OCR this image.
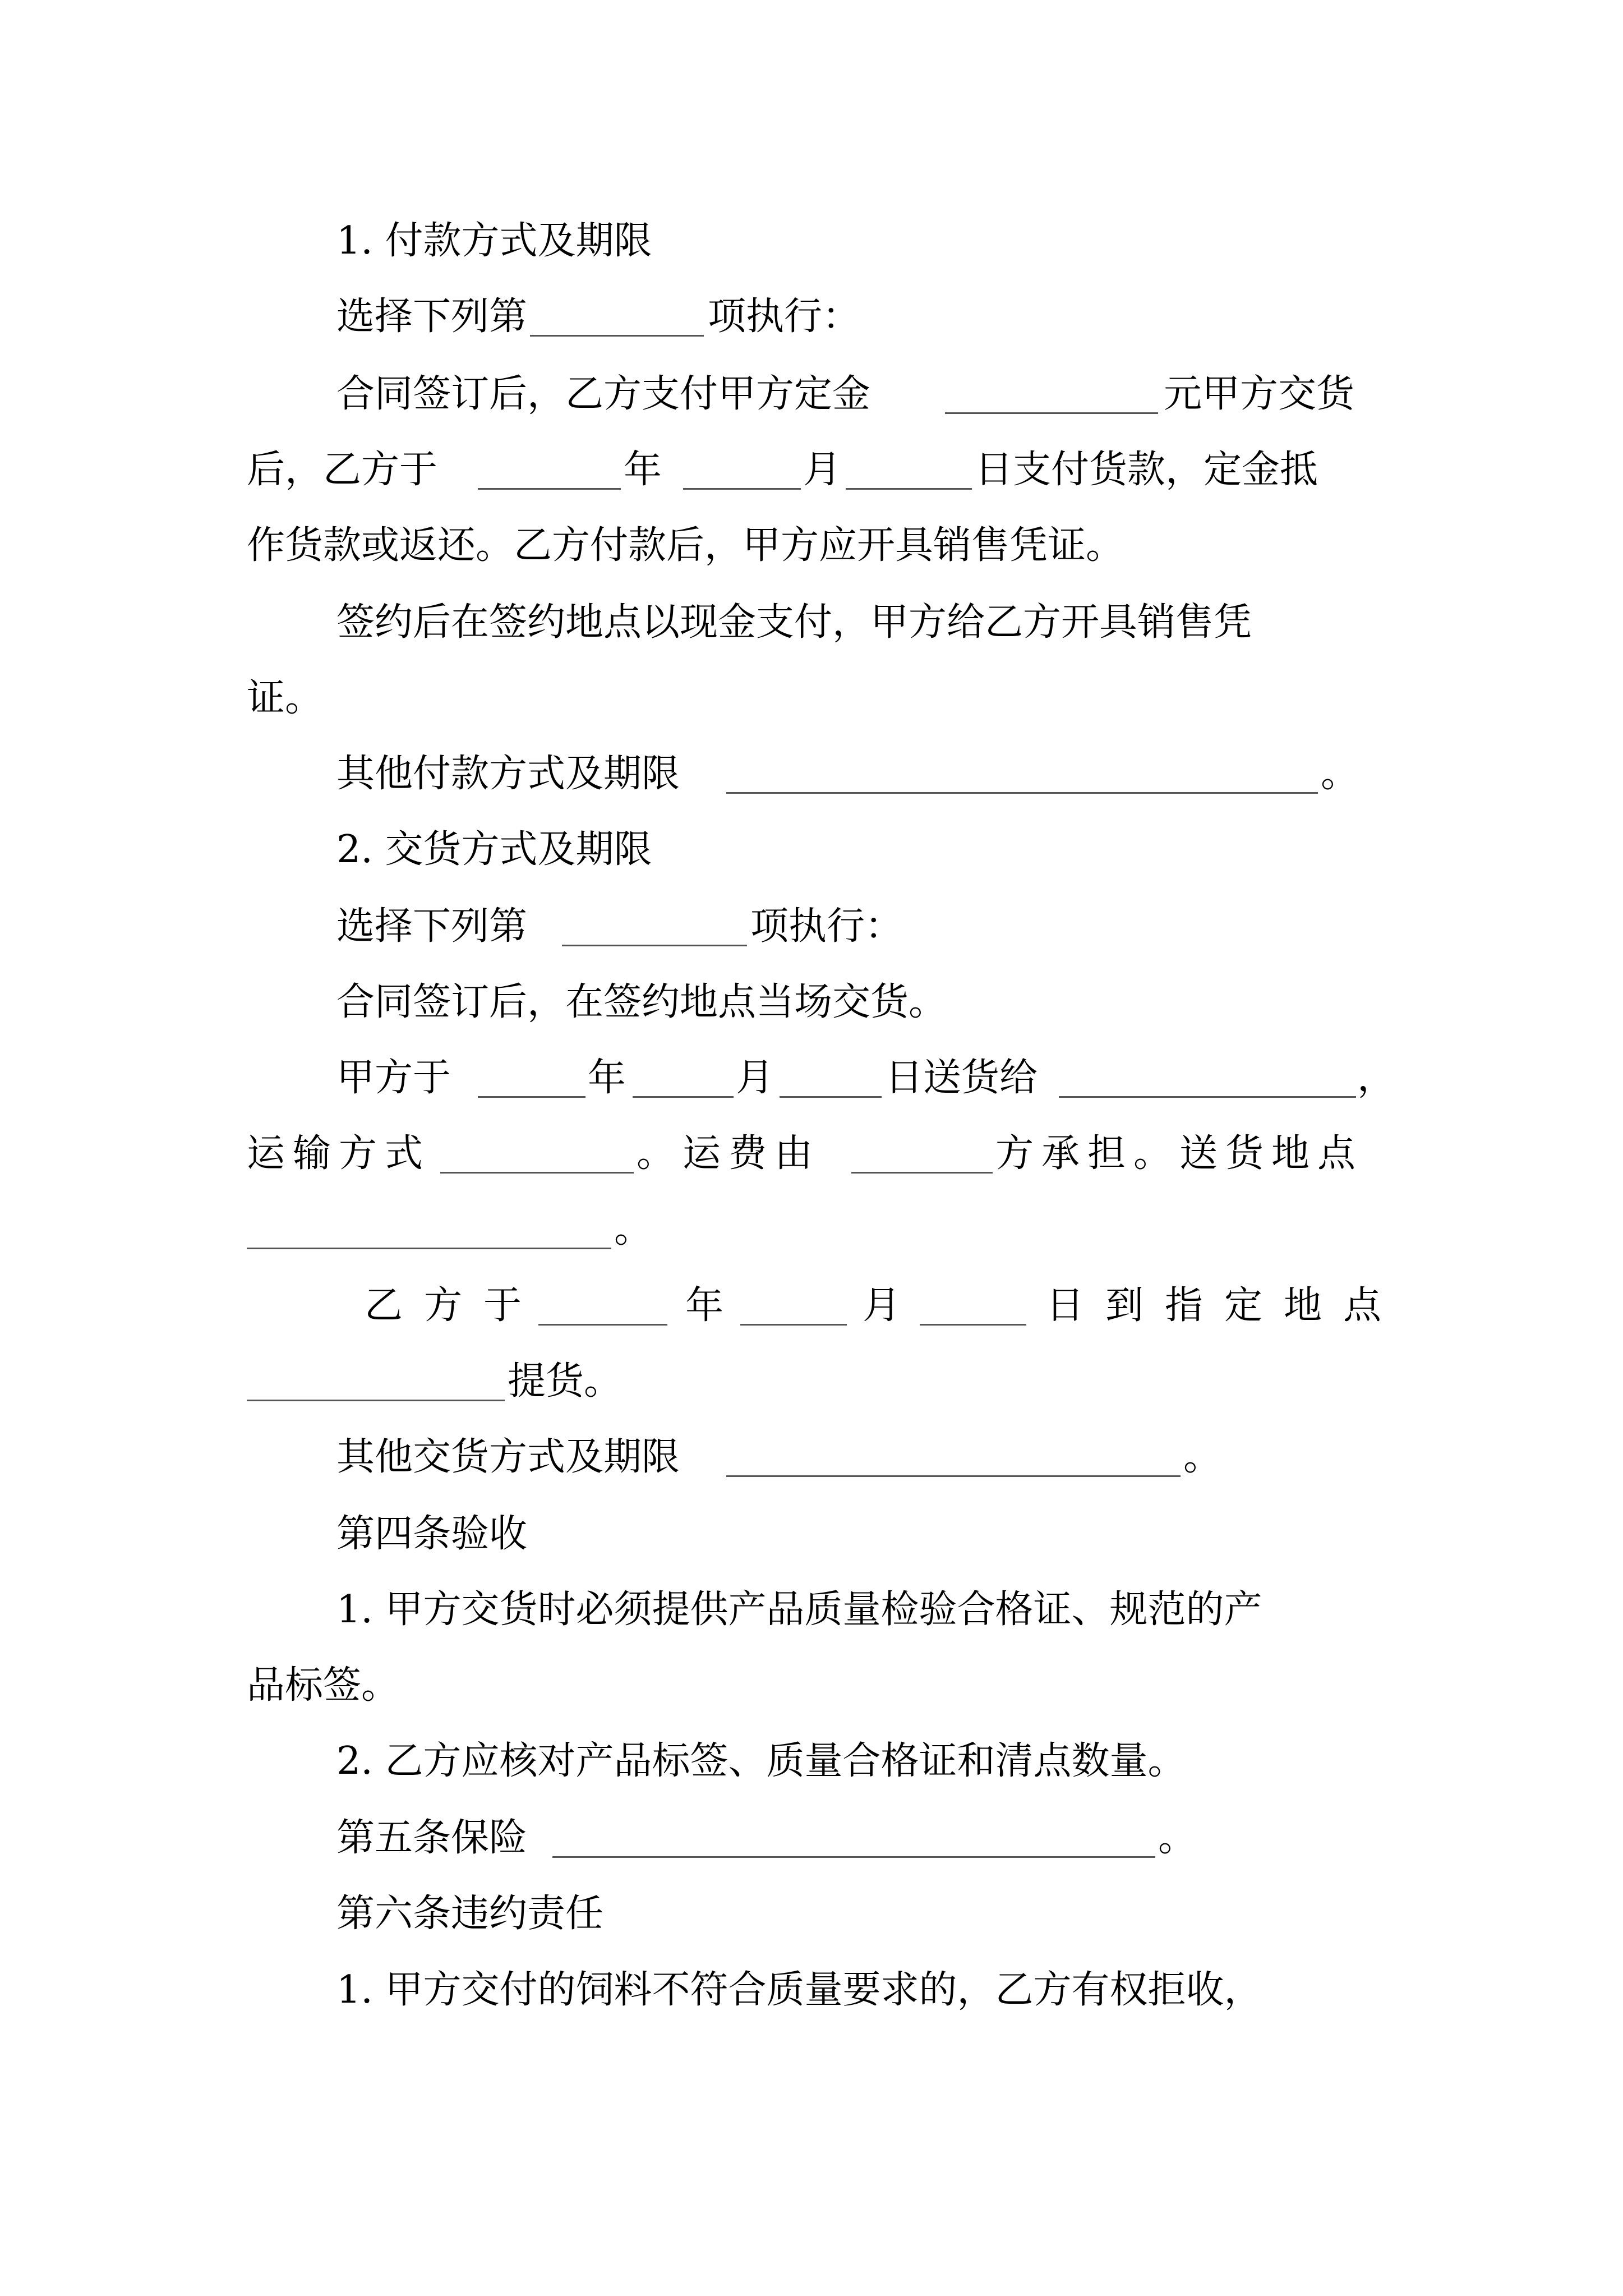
1. 付款方式及期限
选择下列第	项执行：
合同签订后，乙方支付甲方定金	元甲方交货
后，乙方于	年	月	日支付货款，定金抵
作货款或返还。乙方付款后，甲方应开具销售凭证。
签约后在签约地点以现金支付，甲方给乙方开具销售凭
证。
其他付款方式及期限	。
2. 交货方式及期限
选择下列第	项执行：
合同签订后，在签约地点当场交货。
甲方于	年	月	日送货给	，
运输方式	。运费由	方承担。送货地点
。
乙方于	年	月	日到指定地点
提货。
其他交货方式及期限	。
第四条验收
1. 甲方交货时必须提供产品质量检验合格证、规范的产
品标签。
2. 乙方应核对产品标签、质量合格证和清点数量。
第五条保险	。
第六条违约责任
1. 甲方交付的饲料不符合质量要求的，乙方有权拒收，
